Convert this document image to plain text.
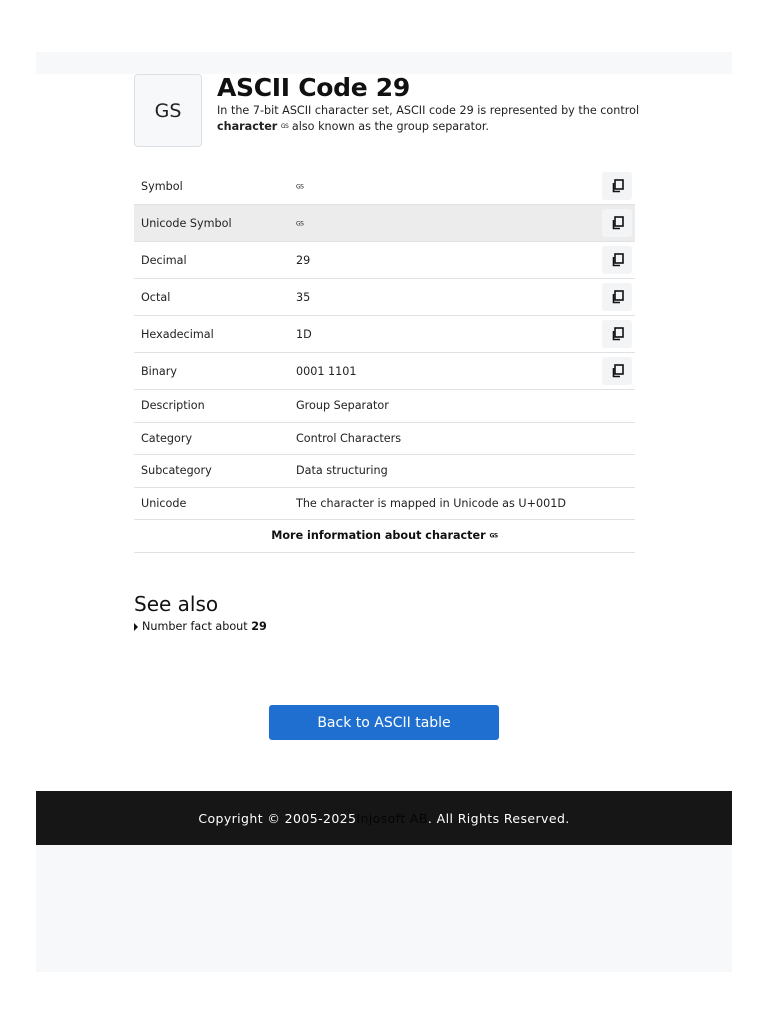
GS
ASCII Code 29

In the 7-bit ASCII character set, ASCII code 29 is represented by the control character GS also known as the group separator.

Symbol	GS	

Unicode Symbol	GS	

Decimal	29	

Octal	35	

Hexadecimal	1D	

Binary	0001 1101	

Description	Group Separator	
Category	Control Characters	
Subcategory	Data structuring	
Unicode	The character is mapped in Unicode as U+001D	
More information about character GS		
See also
Number fact about 29
Back to ASCII table
Copyright © 2005-2025 Injosoft AB . All Rights Reserved.
